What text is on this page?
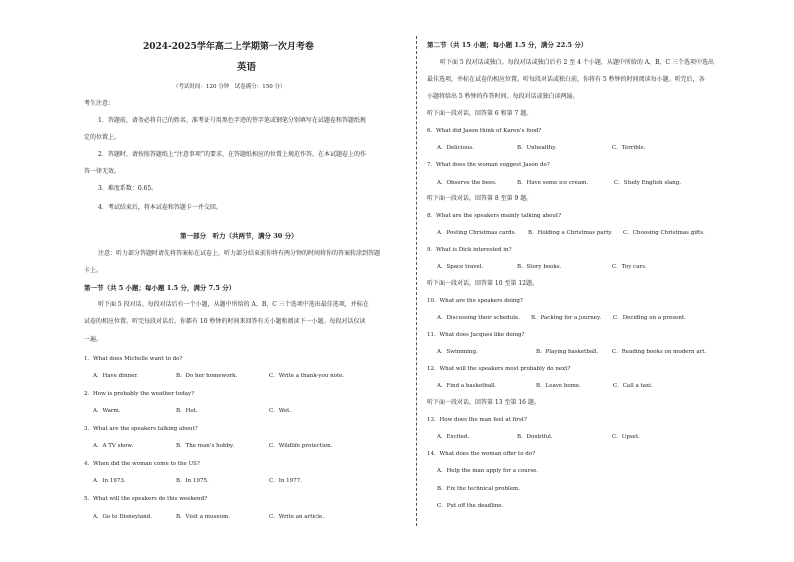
2024-2025学年高二上学期第一次月考卷
英语
（考试时间：120 分钟　试卷满分：150 分）
考生注意：
1．答题前，请务必将自己的姓名、准考证号用黑色字迹的签字笔或钢笔分别填写在试题卷和答题纸规
定的位置上。
2．答题时，请按照答题纸上“注意事项”的要求，在答题纸相应的位置上规范作答，在本试题卷上的作
答一律无效。
3．难度系数：0.65。
4．考试结束后，将本试卷和答题卡一并交回。
第一部分　听力（共两节，满分 30 分）
注意：听力部分答题时请先将答案标在试卷上，听力部分结束前你将有两分钟的时间将你的答案转涂到答题
卡上。
第一节（共 5 小题；每小题 1.5 分，满分 7.5 分）
听下面 5 段对话。每段对话后有一个小题，从题中所给的 A、B、C 三个选项中选出最佳选项，并标在
试卷的相应位置。听完每段对话后，你都有 10 秒钟的时间来回答有关小题和阅读下一小题。每段对话仅读
一遍。
1．What does Michelle want to do?
A．Have dinner.	B．Do her homework.	C．Write a thank-you note.
2．How is probably the weather today?
A．Warm.	B．Hot.	C．Wet.
3．What are the speakers talking about?
A．A TV show.	B．The man’s hobby.	C．Wildlife protection.
4．When did the woman come to the US?
A．In 1973.	B．In 1975.	C．In 1977.
5．What will the speakers do this weekend?
A．Go to Disneyland.	B．Visit a museum.	C．Write an article.
第二节（共 15 小题；每小题 1.5 分，满分 22.5 分）
听下面 5 段对话或独白。每段对话或独白后有 2 至 4 个小题，从题中所给的 A、B、C 三个选项中选出
最佳选项，并标在试卷的相应位置。听每段对话或独白前，你将有 5 秒钟的时间阅读每小题。听完后，各
小题将给出 5 秒钟的作答时间。每段对话或独白读两遍。
听下面一段对话，回答第 6 和第 7 题。
6．What did Jason think of Karen’s food?
A．Delicious.	B．Unhealthy.	C．Terrible.
7．What does the woman suggest Jason do?
A．Observe the bees.	B．Have some ice cream.	C．Study English slang.
听下面一段对话，回答第 8 至第 9 题。
8．What are the speakers mainly talking about?
A．Posting Christmas cards. B．Holding a Christmas party. C．Choosing Christmas gifts.
9．What is Dick interested in?
A．Space travel.	B．Story books.	C．Toy cars.
听下面一段对话，回答第 10 至第 12题。
10．What are the speakers doing?
A．Discussing their schedule. B．Packing for a journey. C．Deciding on a present.
11．What does Jacques like doing?
A．Swimming.	B．Playing basketball. C．Reading books on modern art.
12．What will the speakers most probably do next?
A．Find a basketball.	B．Leave home.	C．Call a taxi.
听下面一段对话，回答第 13 至第 16 题。
13．How does the man feel at first?
A．Excited.	B．Doubtful.	C．Upset.
14．What does the woman offer to do?
A．Help the man apply for a course.
B．Fix the technical problem.
C．Put off the deadline.
